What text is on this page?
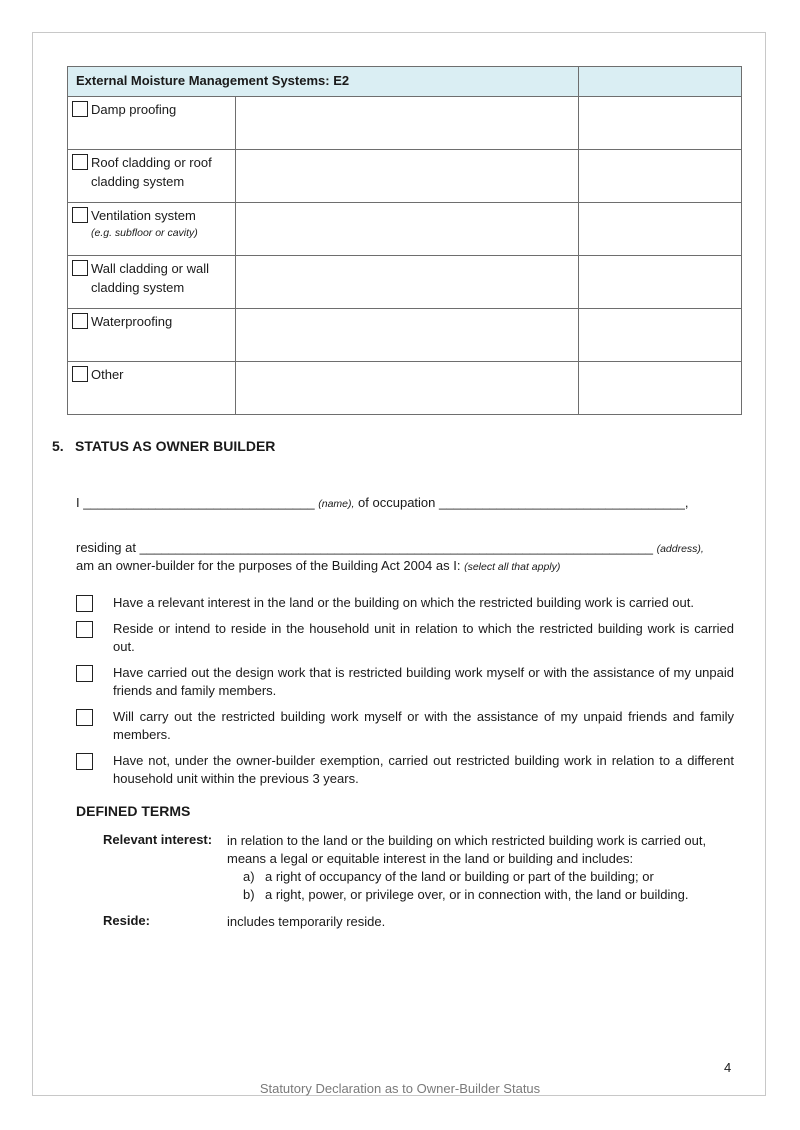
External Moisture Management Systems: E2		

Damp proofing		

Roof cladding or roof cladding system		

Ventilation system
(e.g. subfloor or cavity)		

Wall cladding or wall cladding system		

Waterproofing		

Other		

5. STATUS AS OWNER BUILDER
I ________________________________ (name), of occupation __________________________________,
residing at _______________________________________________________________________ (address),
am an owner-builder for the purposes of the Building Act 2004 as I: (select all that apply)
Have a relevant interest in the land or the building on which the restricted building work is carried out.
Reside or intend to reside in the household unit in relation to which the restricted building work is carried out.
Have carried out the design work that is restricted building work myself or with the assistance of my unpaid friends and family members.
Will carry out the restricted building work myself or with the assistance of my unpaid friends and family members.
Have not, under the owner-builder exemption, carried out restricted building work in relation to a different household unit within the previous 3 years.
DEFINED TERMS
Relevant interest: in relation to the land or the building on which restricted building work is carried out, means a legal or equitable interest in the land or building and includes:
a) a right of occupancy of the land or building or part of the building; or
b) a right, power, or privilege over, or in connection with, the land or building.
Reside:	includes temporarily reside.
4
Statutory Declaration as to Owner-Builder Status
